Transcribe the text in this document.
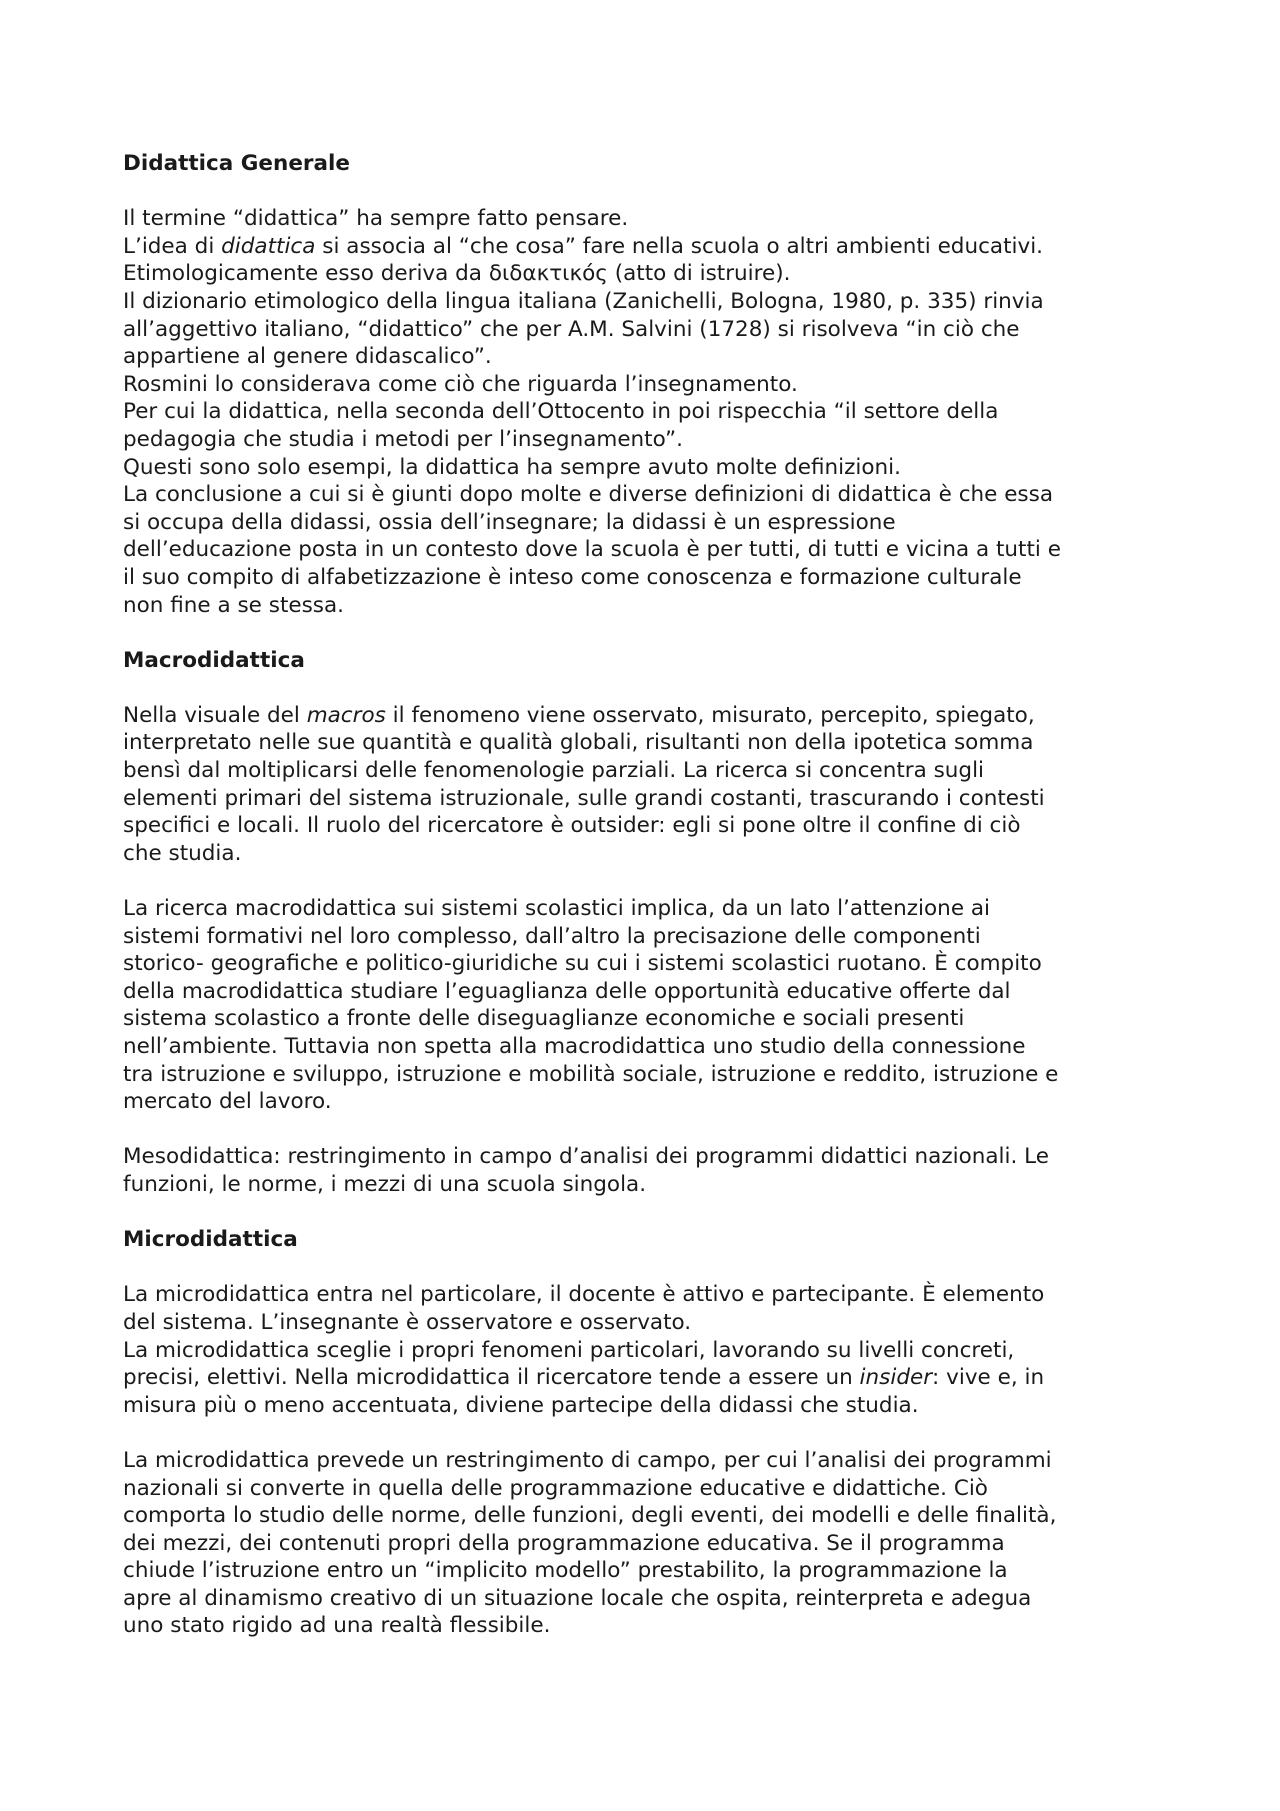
Didattica Generale

Il termine “didattica” ha sempre fatto pensare.

L’idea di didattica si associa al “che cosa” fare nella scuola o altri ambienti educativi.

Etimologicamente esso deriva da διδακτικός (atto di istruire).

Il dizionario etimologico della lingua italiana (Zanichelli, Bologna, 1980, p. 335) rinvia

all’aggettivo italiano, “didattico” che per A.M. Salvini (1728) si risolveva “in ciò che

appartiene al genere didascalico”.

Rosmini lo considerava come ciò che riguarda l’insegnamento.

Per cui la didattica, nella seconda dell’Ottocento in poi rispecchia “il settore della

pedagogia che studia i metodi per l’insegnamento”.

Questi sono solo esempi, la didattica ha sempre avuto molte definizioni.

La conclusione a cui si è giunti dopo molte e diverse definizioni di didattica è che essa

si occupa della didassi, ossia dell’insegnare; la didassi è un espressione

dell’educazione posta in un contesto dove la scuola è per tutti, di tutti e vicina a tutti e

il suo compito di alfabetizzazione è inteso come conoscenza e formazione culturale

non fine a se stessa.

Macrodidattica

Nella visuale del macros il fenomeno viene osservato, misurato, percepito, spiegato,

interpretato nelle sue quantità e qualità globali, risultanti non della ipotetica somma

bensì dal moltiplicarsi delle fenomenologie parziali. La ricerca si concentra sugli

elementi primari del sistema istruzionale, sulle grandi costanti, trascurando i contesti

specifici e locali. Il ruolo del ricercatore è outsider: egli si pone oltre il confine di ciò

che studia.

La ricerca macrodidattica sui sistemi scolastici implica, da un lato l’attenzione ai

sistemi formativi nel loro complesso, dall’altro la precisazione delle componenti

storico- geografiche e politico-giuridiche su cui i sistemi scolastici ruotano. È compito

della macrodidattica studiare l’eguaglianza delle opportunità educative offerte dal

sistema scolastico a fronte delle diseguaglianze economiche e sociali presenti

nell’ambiente. Tuttavia non spetta alla macrodidattica uno studio della connessione

tra istruzione e sviluppo, istruzione e mobilità sociale, istruzione e reddito, istruzione e

mercato del lavoro.

Mesodidattica: restringimento in campo d’analisi dei programmi didattici nazionali. Le

funzioni, le norme, i mezzi di una scuola singola.

Microdidattica

La microdidattica entra nel particolare, il docente è attivo e partecipante. È elemento

del sistema. L’insegnante è osservatore e osservato.

La microdidattica sceglie i propri fenomeni particolari, lavorando su livelli concreti,

precisi, elettivi. Nella microdidattica il ricercatore tende a essere un insider: vive e, in

misura più o meno accentuata, diviene partecipe della didassi che studia.

La microdidattica prevede un restringimento di campo, per cui l’analisi dei programmi

nazionali si converte in quella delle programmazione educative e didattiche. Ciò

comporta lo studio delle norme, delle funzioni, degli eventi, dei modelli e delle finalità,

dei mezzi, dei contenuti propri della programmazione educativa. Se il programma

chiude l’istruzione entro un “implicito modello” prestabilito, la programmazione la

apre al dinamismo creativo di un situazione locale che ospita, reinterpreta e adegua

uno stato rigido ad una realtà flessibile.
